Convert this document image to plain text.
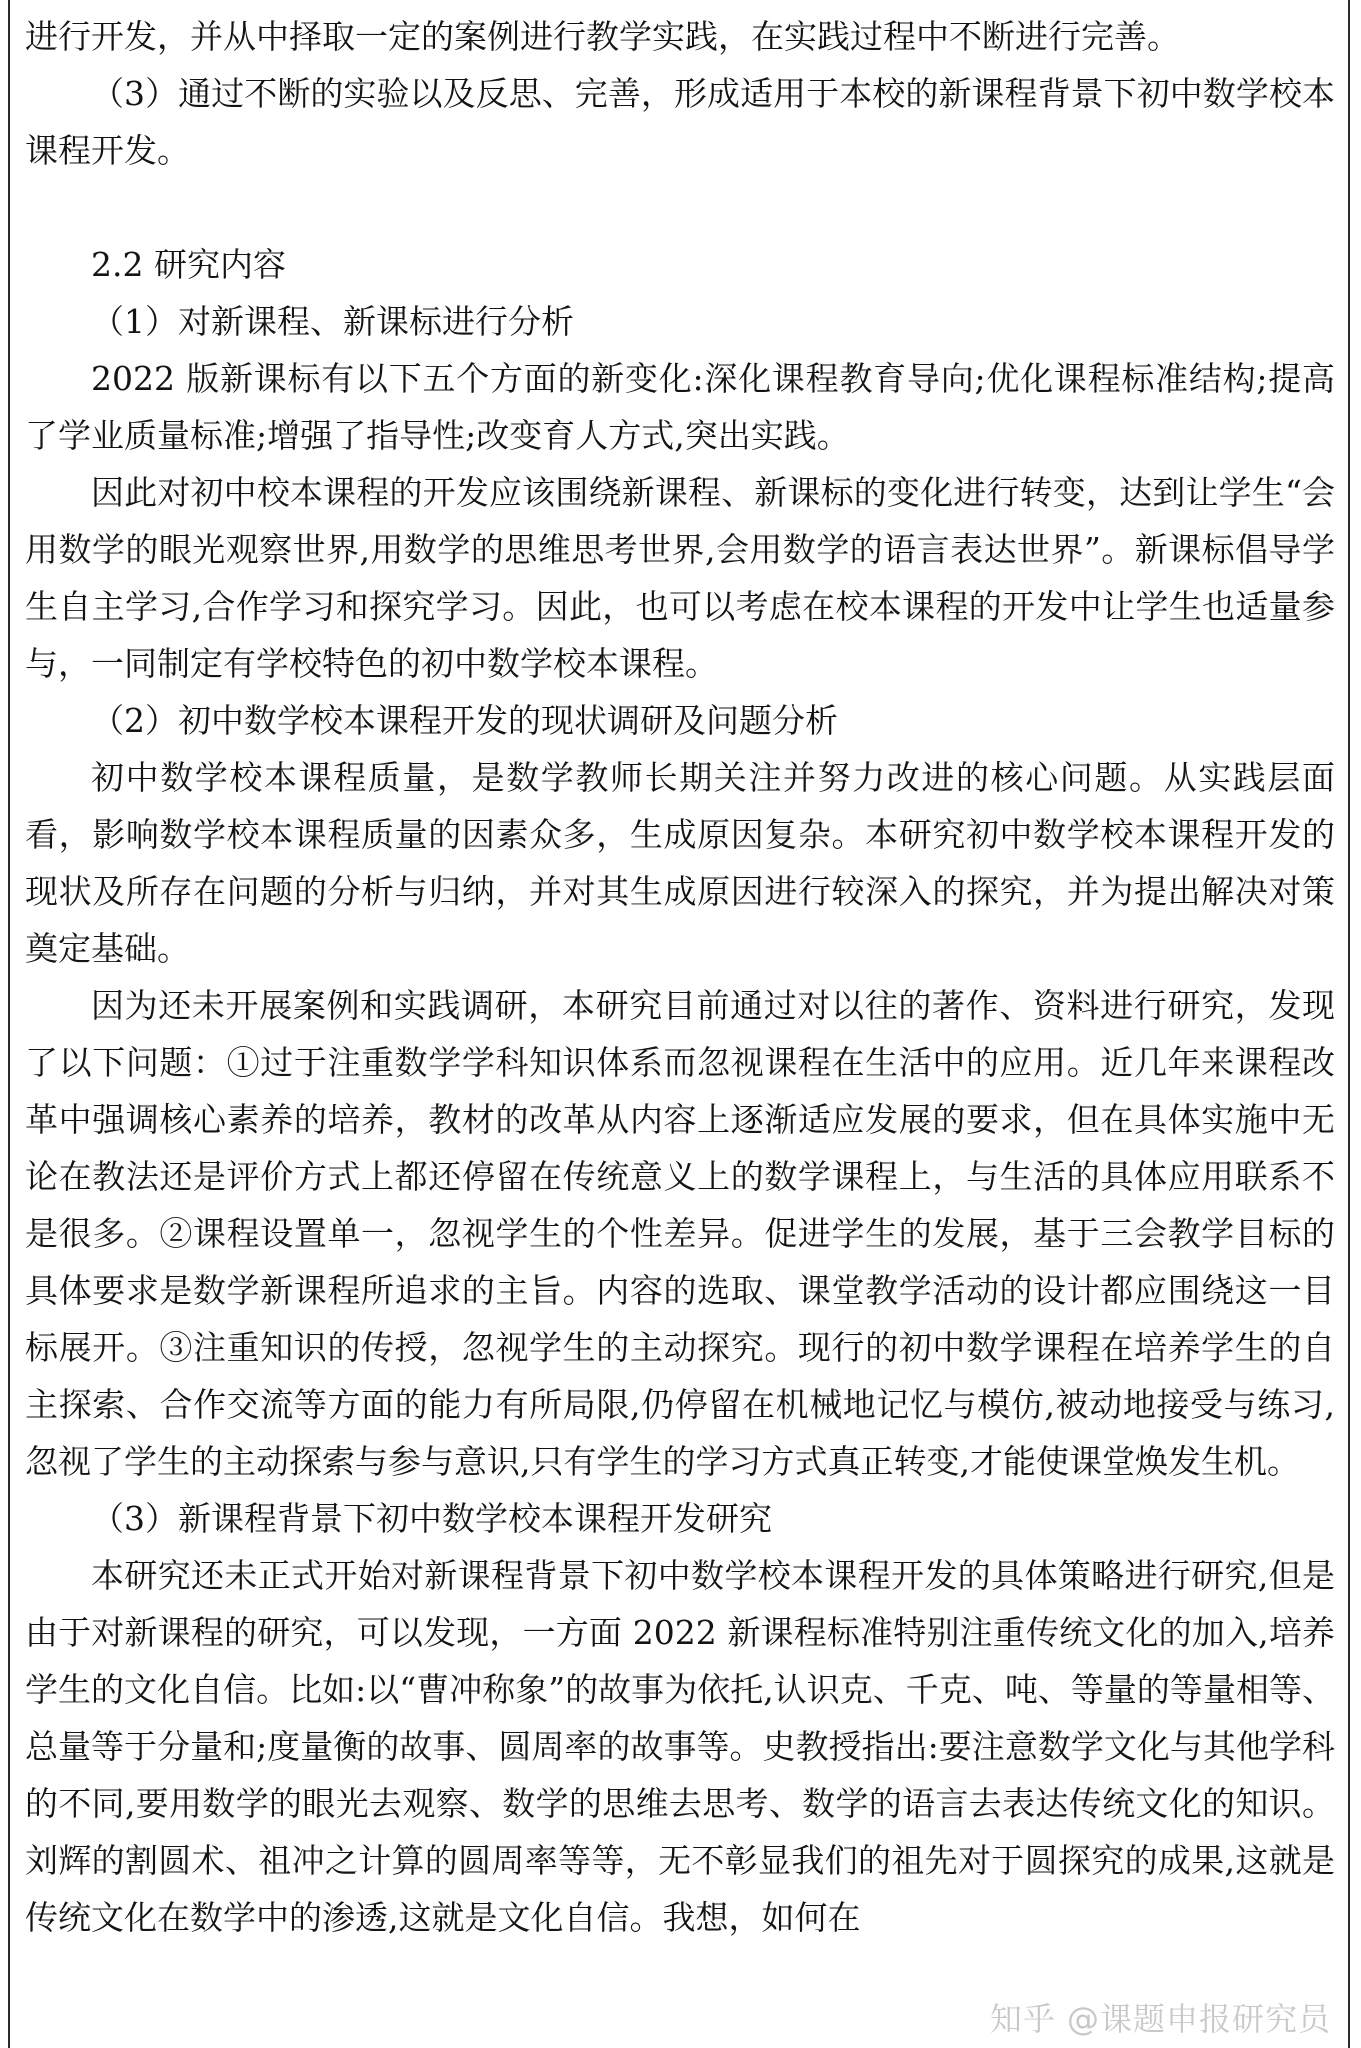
进行开发，并从中择取一定的案例进行教学实践，在实践过程中不断进行完善。

（3）通过不断的实验以及反思、完善，形成适用于本校的新课程背景下初中数学校本课程开发。

2.2 研究内容

（1）对新课程、新课标进行分析

2022 版新课标有以下五个方面的新变化:深化课程教育导向;优化课程标准结构;提高了学业质量标准;增强了指导性;改变育人方式,突出实践。

因此对初中校本课程的开发应该围绕新课程、新课标的变化进行转变，达到让学生“会用数学的眼光观察世界,用数学的思维思考世界,会用数学的语言表达世界”。新课标倡导学生自主学习,合作学习和探究学习。因此，也可以考虑在校本课程的开发中让学生也适量参与，一同制定有学校特色的初中数学校本课程。

（2）初中数学校本课程开发的现状调研及问题分析

初中数学校本课程质量，是数学教师长期关注并努力改进的核心问题。从实践层面看，影响数学校本课程质量的因素众多，生成原因复杂。本研究初中数学校本课程开发的现状及所存在问题的分析与归纳，并对其生成原因进行较深入的探究，并为提出解决对策奠定基础。

因为还未开展案例和实践调研，本研究目前通过对以往的著作、资料进行研究，发现了以下问题：①过于注重数学学科知识体系而忽视课程在生活中的应用。近几年来课程改革中强调核心素养的培养，教材的改革从内容上逐渐适应发展的要求，但在具体实施中无论在教法还是评价方式上都还停留在传统意义上的数学课程上，与生活的具体应用联系不是很多。②课程设置单一，忽视学生的个性差异。促进学生的发展，基于三会教学目标的具体要求是数学新课程所追求的主旨。内容的选取、课堂教学活动的设计都应围绕这一目标展开。③注重知识的传授，忽视学生的主动探究。现行的初中数学课程在培养学生的自主探索、合作交流等方面的能力有所局限,仍停留在机械地记忆与模仿,被动地接受与练习,忽视了学生的主动探索与参与意识,只有学生的学习方式真正转变,才能使课堂焕发生机。

（3）新课程背景下初中数学校本课程开发研究

本研究还未正式开始对新课程背景下初中数学校本课程开发的具体策略进行研究,但是由于对新课程的研究，可以发现，一方面 2022 新课程标准特别注重传统文化的加入,培养学生的文化自信。比如:以“曹冲称象”的故事为依托,认识克、千克、吨、等量的等量相等、总量等于分量和;度量衡的故事、圆周率的故事等。史教授指出:要注意数学文化与其他学科的不同,要用数学的眼光去观察、数学的思维去思考、数学的语言去表达传统文化的知识。刘辉的割圆术、祖冲之计算的圆周率等等，无不彰显我们的祖先对于圆探究的成果,这就是传统文化在数学中的渗透,这就是文化自信。我想，如何在

知乎 @课题申报研究员
